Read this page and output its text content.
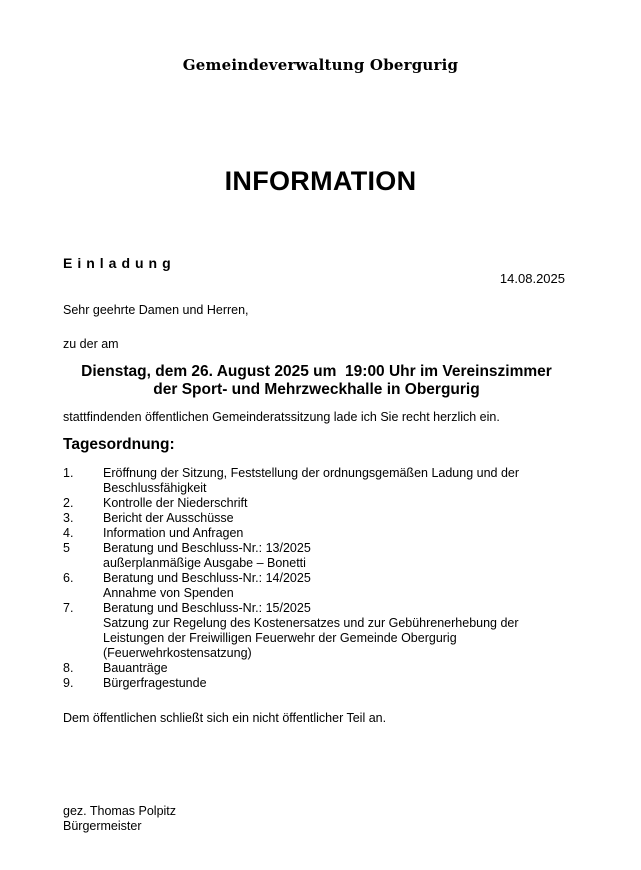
Gemeindeverwaltung Obergurig
INFORMATION
Einladung
14.08.2025
Sehr geehrte Damen und Herren,
zu der am
Dienstag, dem 26. August 2025 um  19:00 Uhr im Vereinszimmer
der Sport- und Mehrzweckhalle in Obergurig
stattfindenden öffentlichen Gemeinderatssitzung lade ich Sie recht herzlich ein.
Tagesordnung:
1.	Eröffnung der Sitzung, Feststellung der ordnungsgemäßen Ladung und der
Beschlussfähigkeit
2.	Kontrolle der Niederschrift
3.	Bericht der Ausschüsse
4.	Information und Anfragen
5	Beratung und Beschluss-Nr.: 13/2025
außerplanmäßige Ausgabe – Bonetti
6.	Beratung und Beschluss-Nr.: 14/2025
Annahme von Spenden
7.	Beratung und Beschluss-Nr.: 15/2025
Satzung zur Regelung des Kostenersatzes und zur Gebührenerhebung der
Leistungen der Freiwilligen Feuerwehr der Gemeinde Obergurig
(Feuerwehrkostensatzung)
8.	Bauanträge
9.	Bürgerfragestunde
Dem öffentlichen schließt sich ein nicht öffentlicher Teil an.
gez. Thomas Polpitz
Bürgermeister
